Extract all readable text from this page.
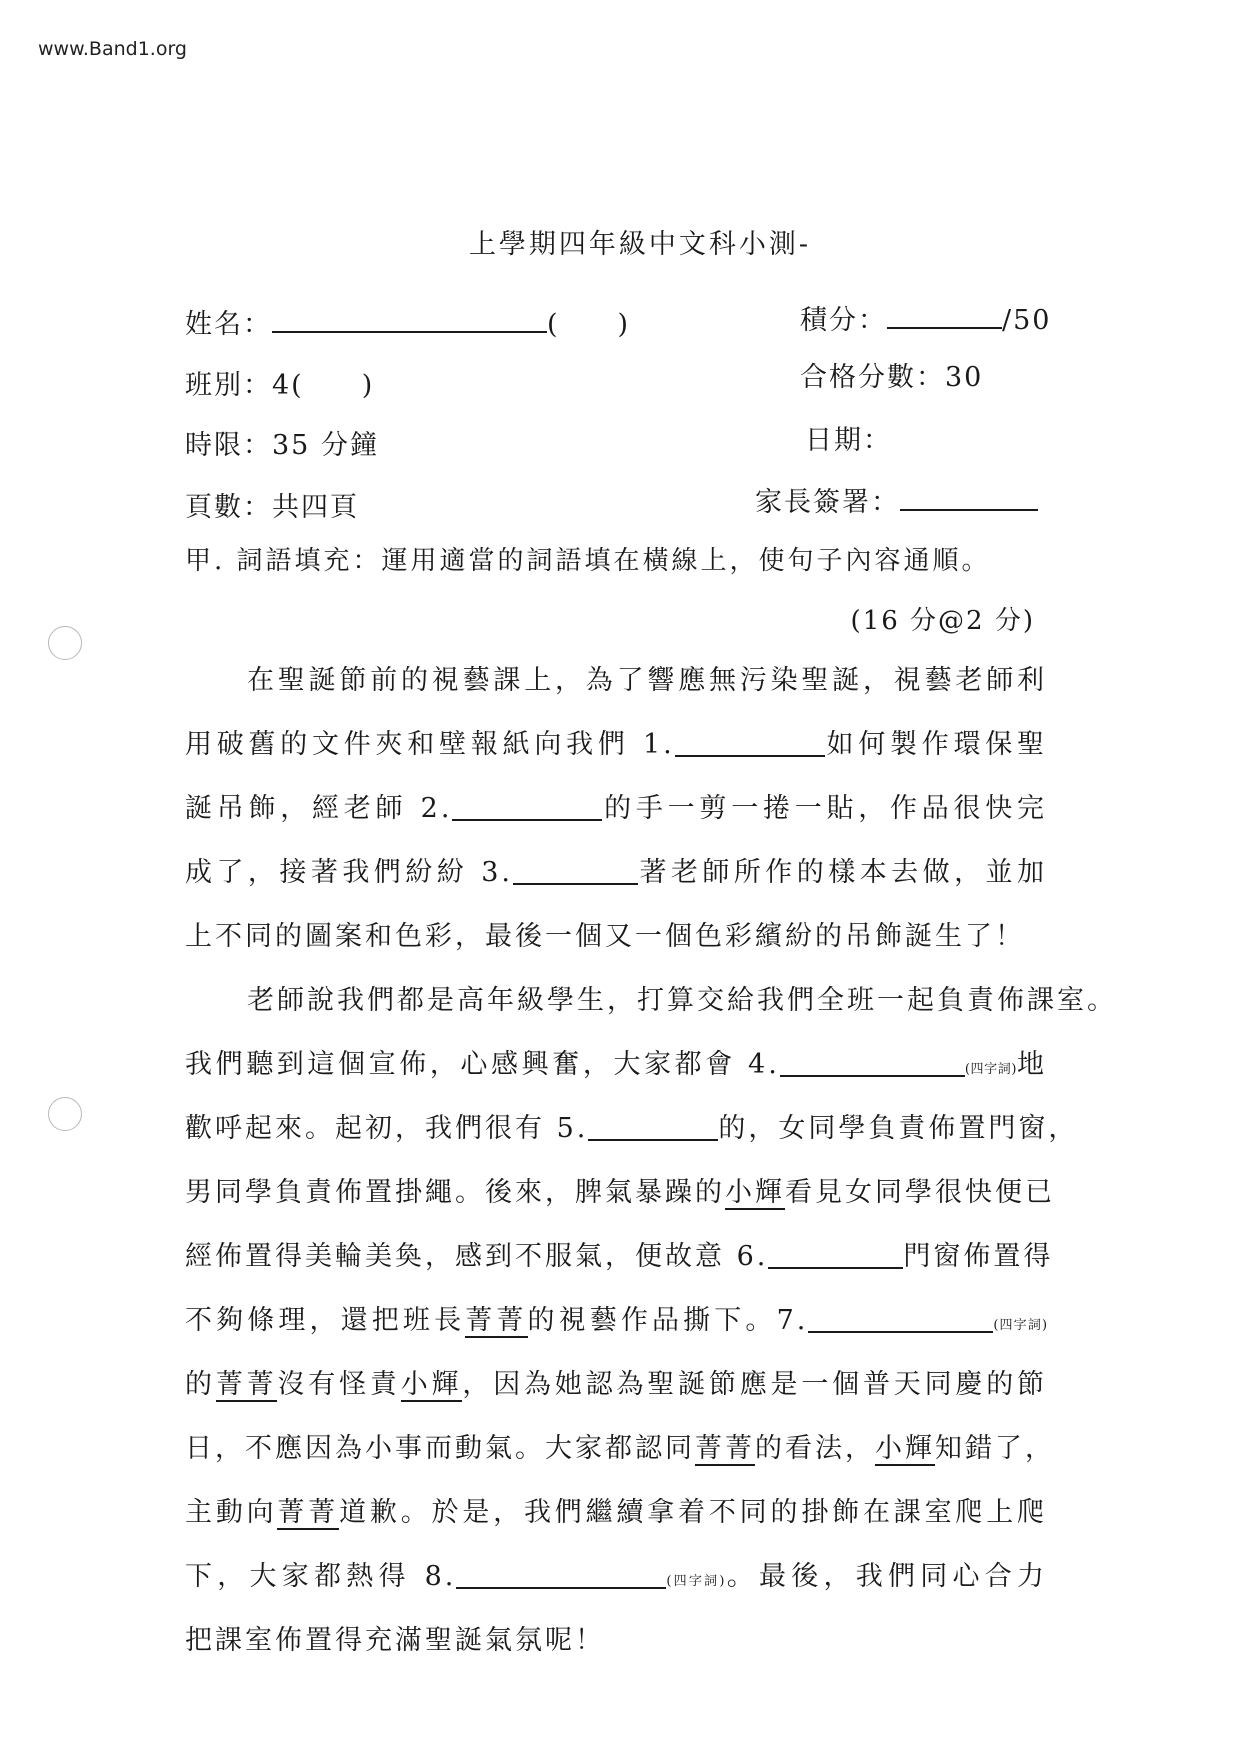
www.Band1.org
上學期四年級中文科小測-
姓名：	(　　)	積分：	/50
班別：4(　　)	合格分數：30
時限：35 分鐘	日期：
頁數：共四頁	家長簽署：
甲. 詞語填充：運用適當的詞語填在橫線上，使句子內容通順。
(16 分@2 分)
在聖誕節前的視藝課上，為了響應無污染聖誕，視藝老師利
用破舊的文件夾和壁報紙向我們 1.	如何製作環保聖
誕吊飾，經老師 2.	的手一剪一捲一貼，作品很快完
成了，接著我們紛紛 3.	著老師所作的樣本去做，並加
上不同的圖案和色彩，最後一個又一個色彩繽紛的吊飾誕生了！
老師說我們都是高年級學生，打算交給我們全班一起負責佈課室。
我們聽到這個宣佈，心感興奮，大家都會 4.	(四字詞)地
歡呼起來。起初，我們很有 5.	的，女同學負責佈置門窗，
男同學負責佈置掛繩。後來，脾氣暴躁的小輝看見女同學很快便已
經佈置得美輪美奐，感到不服氣，便故意 6.	門窗佈置得
不夠條理，還把班長菁菁的視藝作品撕下。7.	(四字詞)
的菁菁沒有怪責小輝，因為她認為聖誕節應是一個普天同慶的節
日，不應因為小事而動氣。大家都認同菁菁的看法，小輝知錯了，
主動向菁菁道歉。於是，我們繼續拿着不同的掛飾在課室爬上爬
下，大家都熱得 8.	(四字詞)。最後，我們同心合力
把課室佈置得充滿聖誕氣氛呢！
